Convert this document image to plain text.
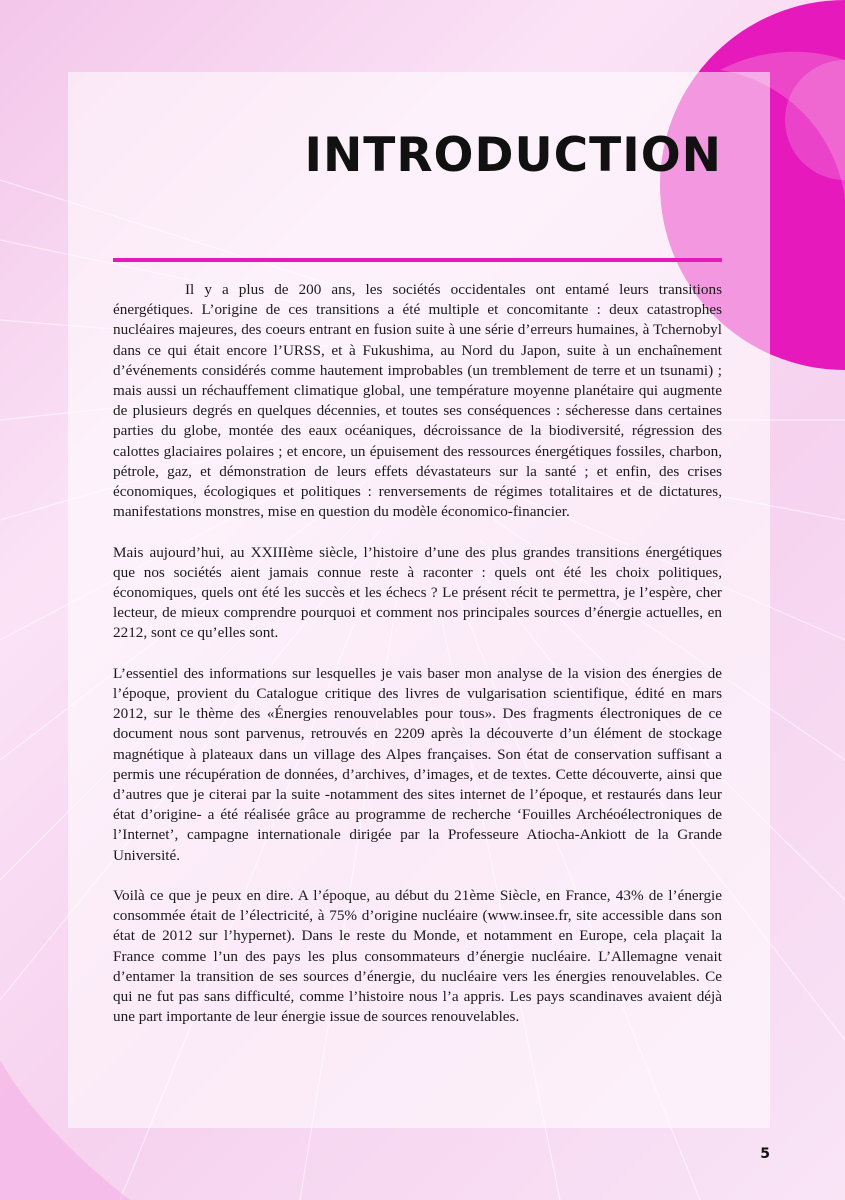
INTRODUCTION

Il y a plus de 200 ans, les sociétés occidentales ont entamé leurs transitions énergétiques. L’origine de ces transitions a été multiple et concomitante : deux catastrophes nucléaires majeures, des coeurs entrant en fusion suite à une série d’erreurs humaines, à Tchernobyl dans ce qui était encore l’URSS, et à Fukushima, au Nord du Japon, suite à un enchaînement d’événements considérés comme hautement improbables (un tremblement de terre et un tsunami) ; mais aussi un réchauffement climatique global, une température moyenne planétaire qui augmente de plusieurs degrés en quelques décennies, et toutes ses conséquences : sécheresse dans certaines parties du globe, montée des eaux océaniques, décroissance de la biodiversité, régression des calottes glaciaires polaires ; et encore, un épuisement des ressources énergétiques fossiles, charbon, pétrole, gaz, et démonstration de leurs effets dévastateurs sur la santé ; et enfin, des crises économiques, écologiques et politiques : renversements de régimes totalitaires et de dictatures, manifestations monstres, mise en question du modèle économico-financier.

Mais aujourd’hui, au XXIIIème siècle, l’histoire d’une des plus grandes transitions énergétiques que nos sociétés aient jamais connue reste à raconter : quels ont été les choix politiques, économiques, quels ont été les succès et les échecs ? Le présent récit te permettra, je l’espère, cher lecteur, de mieux comprendre pourquoi et comment nos principales sources d’énergie actuelles, en 2212, sont ce qu’elles sont.

L’essentiel des informations sur lesquelles je vais baser mon analyse de la vision des énergies de l’époque, provient du Catalogue critique des livres de vulgarisation scientifique, édité en mars 2012, sur le thème des «Énergies renouvelables pour tous». Des fragments électroniques de ce document nous sont parvenus, retrouvés en 2209 après la découverte d’un élément de stockage magnétique à plateaux dans un village des Alpes françaises. Son état de conservation suffisant a permis une récupération de données, d’archives, d’images, et de textes. Cette découverte, ainsi que d’autres que je citerai par la suite -notamment des sites internet de l’époque, et restaurés dans leur état d’origine- a été réalisée grâce au programme de recherche ‘Fouilles Archéoélectroniques de l’Internet’, campagne internationale dirigée par la Professeure Atiocha-Ankiott de la Grande Université.

Voilà ce que je peux en dire. A l’époque, au début du 21ème Siècle, en France, 43% de l’énergie consommée était de l’électricité, à 75% d’origine nucléaire (www.insee.fr, site accessible dans son état de 2012 sur l’hypernet). Dans le reste du Monde, et notamment en Europe, cela plaçait la France comme l’un des pays les plus consommateurs d’énergie nucléaire. L’Allemagne venait d’entamer la transition de ses sources d’énergie, du nucléaire vers les énergies renouvelables. Ce qui ne fut pas sans difficulté, comme l’histoire nous l’a appris. Les pays scandinaves avaient déjà une part importante de leur énergie issue de sources renouvelables.

5
